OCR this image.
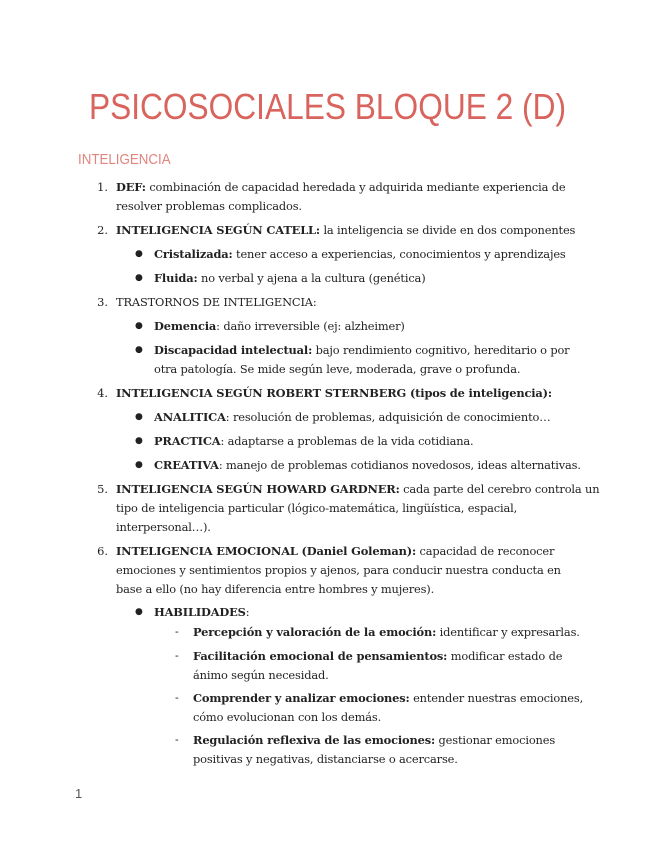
PSICOSOCIALES BLOQUE 2 (D)
INTELIGENCIA
1. DEF: combinación de capacidad heredada y adquirida mediante experiencia de
resolver problemas complicados.
2. INTELIGENCIA SEGÚN CATELL: la inteligencia se divide en dos componentes
● Cristalizada: tener acceso a experiencias, conocimientos y aprendizajes
● Fluida: no verbal y ajena a la cultura (genética)
3. TRASTORNOS DE INTELIGENCIA:
● Demencia: daño irreversible (ej: alzheimer)
● Discapacidad intelectual: bajo rendimiento cognitivo, hereditario o por
otra patología. Se mide según leve, moderada, grave o profunda.
4. INTELIGENCIA SEGÚN ROBERT STERNBERG (tipos de inteligencia):
● ANALITICA: resolución de problemas, adquisición de conocimiento…
● PRACTICA: adaptarse a problemas de la vida cotidiana.
● CREATIVA: manejo de problemas cotidianos novedosos, ideas alternativas.
5. INTELIGENCIA SEGÚN HOWARD GARDNER: cada parte del cerebro controla un
tipo de inteligencia particular (lógico-matemática, lingüística, espacial,
interpersonal…).
6. INTELIGENCIA EMOCIONAL (Daniel Goleman): capacidad de reconocer
emociones y sentimientos propios y ajenos, para conducir nuestra conducta en
base a ello (no hay diferencia entre hombres y mujeres).
● HABILIDADES:
- Percepción y valoración de la emoción: identificar y expresarlas.
- Facilitación emocional de pensamientos: modificar estado de
ánimo según necesidad.
- Comprender y analizar emociones: entender nuestras emociones,
cómo evolucionan con los demás.
- Regulación reflexiva de las emociones: gestionar emociones
positivas y negativas, distanciarse o acercarse.
1
